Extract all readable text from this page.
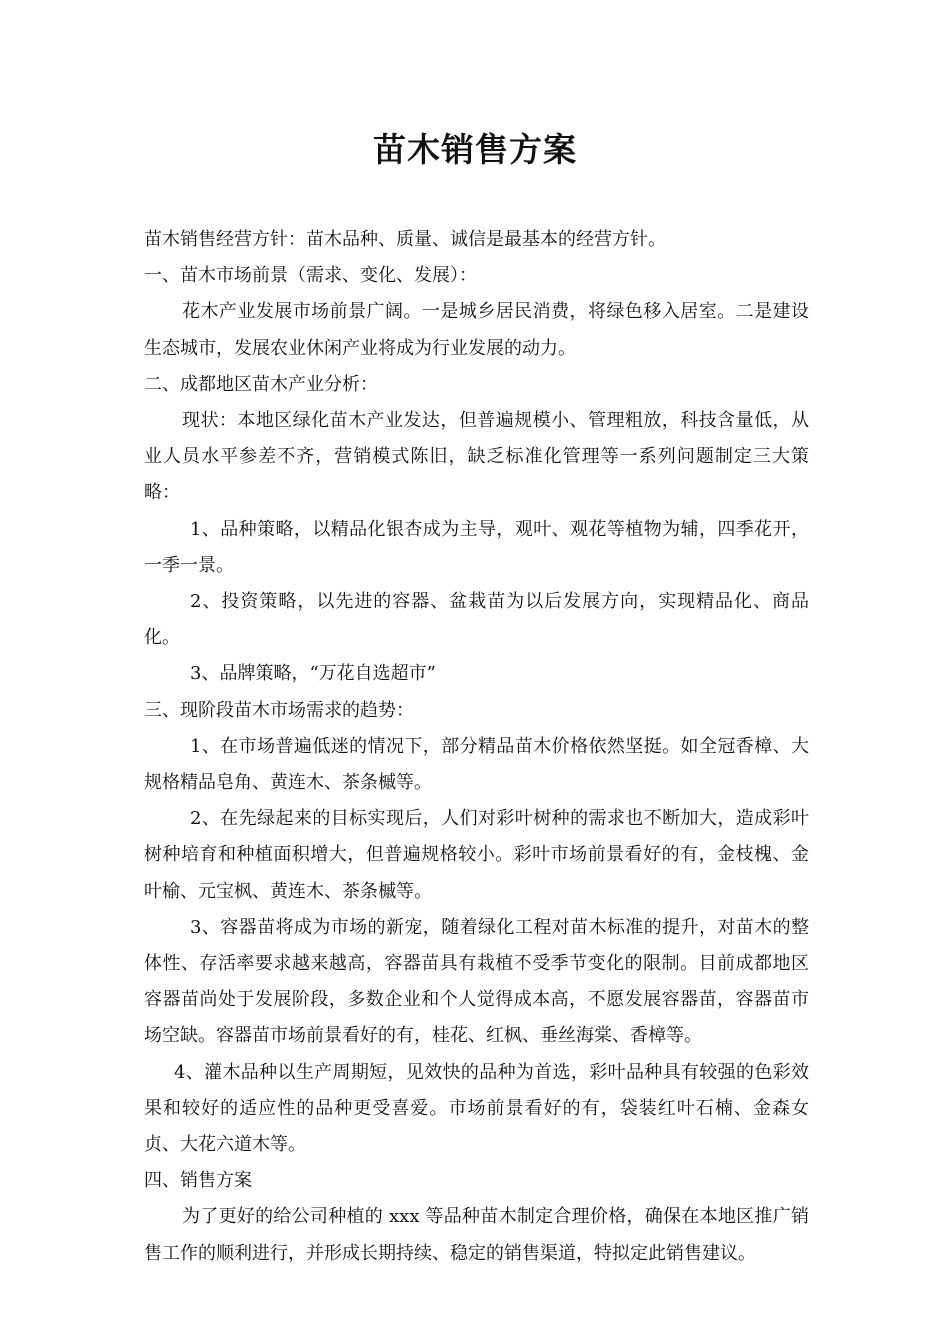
苗木销售方案

苗木销售经营方针：苗木品种、质量、诚信是最基本的经营方针。

一、苗木市场前景（需求、变化、发展）：

花木产业发展市场前景广阔。一是城乡居民消费，将绿色移入居室。二是建设生态城市，发展农业休闲产业将成为行业发展的动力。

二、成都地区苗木产业分析：

现状：本地区绿化苗木产业发达，但普遍规模小、管理粗放，科技含量低，从业人员水平参差不齐，营销模式陈旧，缺乏标准化管理等一系列问题制定三大策略：

1、品种策略，以精品化银杏成为主导，观叶、观花等植物为辅，四季花开，一季一景。

2、投资策略，以先进的容器、盆栽苗为以后发展方向，实现精品化、商品化。

3、品牌策略，“万花自选超市”

三、现阶段苗木市场需求的趋势：

1、在市场普遍低迷的情况下，部分精品苗木价格依然坚挺。如全冠香樟、大规格精品皂角、黄连木、茶条槭等。

2、在先绿起来的目标实现后，人们对彩叶树种的需求也不断加大，造成彩叶树种培育和种植面积增大，但普遍规格较小。彩叶市场前景看好的有，金枝槐、金叶榆、元宝枫、黄连木、茶条槭等。

3、容器苗将成为市场的新宠，随着绿化工程对苗木标准的提升，对苗木的整体性、存活率要求越来越高，容器苗具有栽植不受季节变化的限制。目前成都地区容器苗尚处于发展阶段，多数企业和个人觉得成本高，不愿发展容器苗，容器苗市场空缺。容器苗市场前景看好的有，桂花、红枫、垂丝海棠、香樟等。

4、灌木品种以生产周期短，见效快的品种为首选，彩叶品种具有较强的色彩效果和较好的适应性的品种更受喜爱。市场前景看好的有，袋装红叶石楠、金森女贞、大花六道木等。

四、销售方案

为了更好的给公司种植的 xxx 等品种苗木制定合理价格，确保在本地区推广销售工作的顺利进行，并形成长期持续、稳定的销售渠道，特拟定此销售建议。
